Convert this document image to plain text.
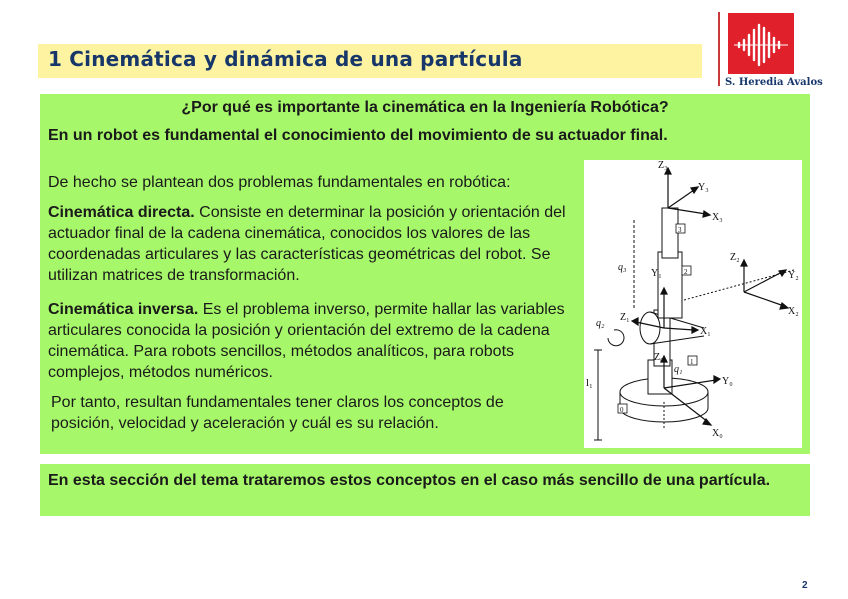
1 Cinemática y dinámica de una partícula
S. Heredia Avalos
¿Por qué es importante la cinemática en la Ingeniería Robótica?
En un robot es fundamental el conocimiento del movimiento de su actuador final.
De hecho se plantean dos problemas fundamentales en robótica:
Cinemática directa. Consiste en determinar la posición y orientación del actuador final de la cadena cinemática, conocidos los valores de las coordenadas articulares y las características geométricas del robot. Se utilizan matrices de transformación.
Cinemática inversa. Es el problema inverso, permite hallar las variables articulares conocida la posición y orientación del extremo de la cadena cinemática. Para robots sencillos, métodos analíticos, para robots complejos, métodos numéricos.
Por tanto, resultan fundamentales tener claros los conceptos de posición, velocidad y aceleración y cuál es su relación.
3
2
1
0
Z₃
Y₃
X₃
Z₂
Y₂
X₂
Y₁
Z₁
X₁
Z₀
Y₀
X₀
q₃
q₂
q₁
l₁
En esta sección del tema trataremos estos conceptos en el caso más sencillo de una partícula.
2
